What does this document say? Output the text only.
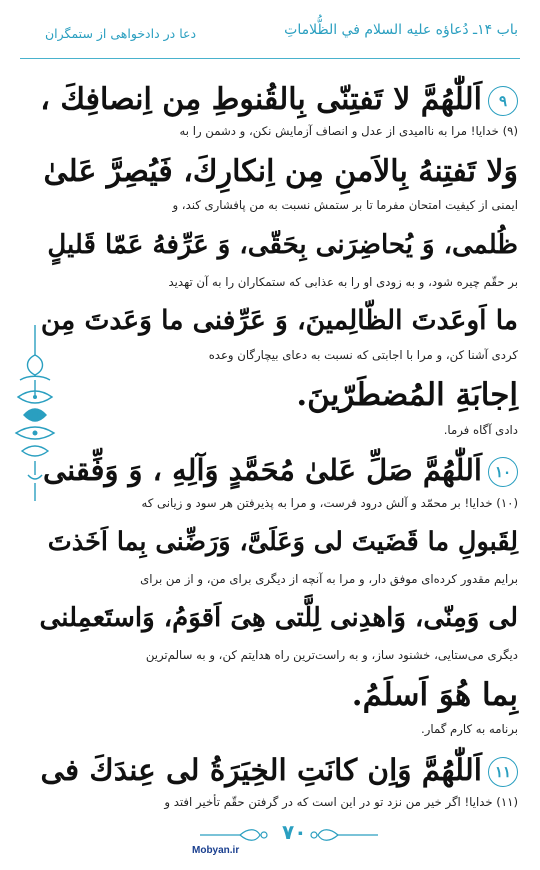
باب ۱۴ـ دُعاؤه عليه السلام في الظُّلاماتِ
دعا در دادخواهی از ستمگران
۹اَللّٰهُمَّ لا تَفتِنّى بِالقُنوطِ مِن اِنصافِكَ ،
(۹) خدایا! مرا به ناامیدی از عدل و انصاف آزمایش نکن، و دشمن را به
وَلا تَفتِنهُ بِالاَمنِ مِن اِنكارِكَ، فَيُصِرَّ عَلىٰ
ایمنی از کیفیت امتحان مفرما تا بر ستمش نسبت به من پافشاری کند، و
ظُلمى، وَ يُحاضِرَنى بِحَقّى، وَ عَرِّفهُ عَمّا قَليلٍ
بر حقّم چیره شود، و به زودی او را به عذابی که ستمکاران را به آن تهدید
ما اَوعَدتَ الظّالِمينَ، وَ عَرِّفنى ما وَعَدتَ مِن
کردی آشنا کن، و مرا با اجابتی که نسبت به دعای بیچارگان وعده
اِجابَةِ المُضطَرّينَ.
دادی آگاه فرما.
۱۰اَللّٰهُمَّ صَلِّ عَلىٰ مُحَمَّدٍ وَآلِهِ ، وَ وَفِّقنى
(۱۰) خدایا! بر محمّد و آلش درود فرست، و مرا به پذیرفتن هر سود و زیانی که
لِقَبولِ ما قَضَيتَ لى وَعَلَىَّ، وَرَضِّنى بِما اَخَذتَ
برایم مقدور کرده‌ای موفق دار، و مرا به آنچه از دیگری برای من، و از من برای
لى وَمِنّى، وَاهدِنى لِلَّتى هِىَ اَقوَمُ، وَاستَعمِلنى
دیگری می‌ستایی، خشنود ساز، و به راست‌ترین راه هدایتم کن، و به سالم‌ترین
بِما هُوَ اَسلَمُ.
برنامه به کارم گمار.
۱۱اَللّٰهُمَّ وَاِن كانَتِ الخِيَرَةُ لى عِندَكَ فى
(۱۱) خدایا! اگر خیر من نزد تو در این است که در گرفتن حقّم تأخیر افتد و
۷۰
Mobyan.ir
